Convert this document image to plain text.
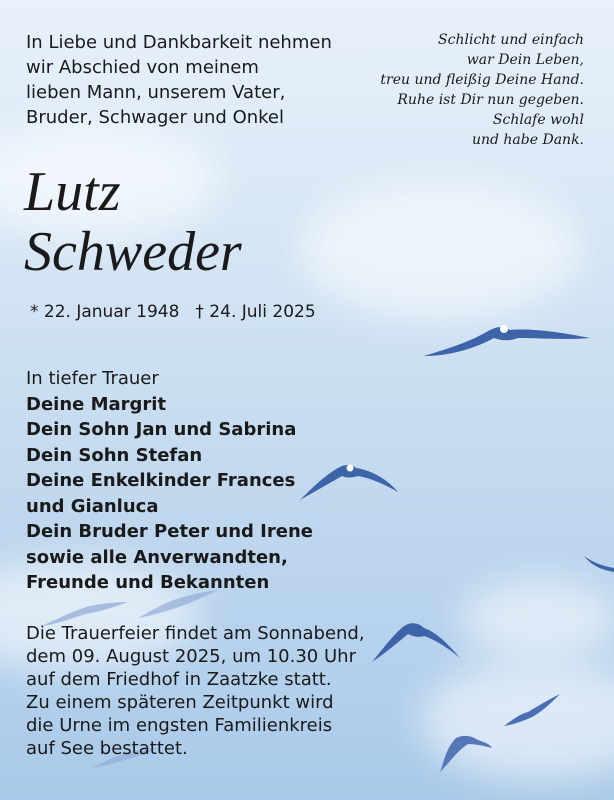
In Liebe und Dankbarkeit nehmen
wir Abschied von meinem
lieben Mann, unserem Vater,
Bruder, Schwager und Onkel

Schlicht und einfach
war Dein Leben,
treu und fleißig Deine Hand.
Ruhe ist Dir nun gegeben.
Schlafe wohl
und habe Dank.

Lutz
Schweder
* 22. Januar 1948 † 24. Juli 2025
In tiefer Trauer
Deine Margrit
Dein Sohn Jan und Sabrina
Dein Sohn Stefan
Deine Enkelkinder Frances
und Gianluca
Dein Bruder Peter und Irene
sowie alle Anverwandten,
Freunde und Bekannten
Die Trauerfeier findet am Sonnabend,
dem 09. August 2025, um 10.30 Uhr
auf dem Friedhof in Zaatzke statt.
Zu einem späteren Zeitpunkt wird
die Urne im engsten Familienkreis
auf See bestattet.
